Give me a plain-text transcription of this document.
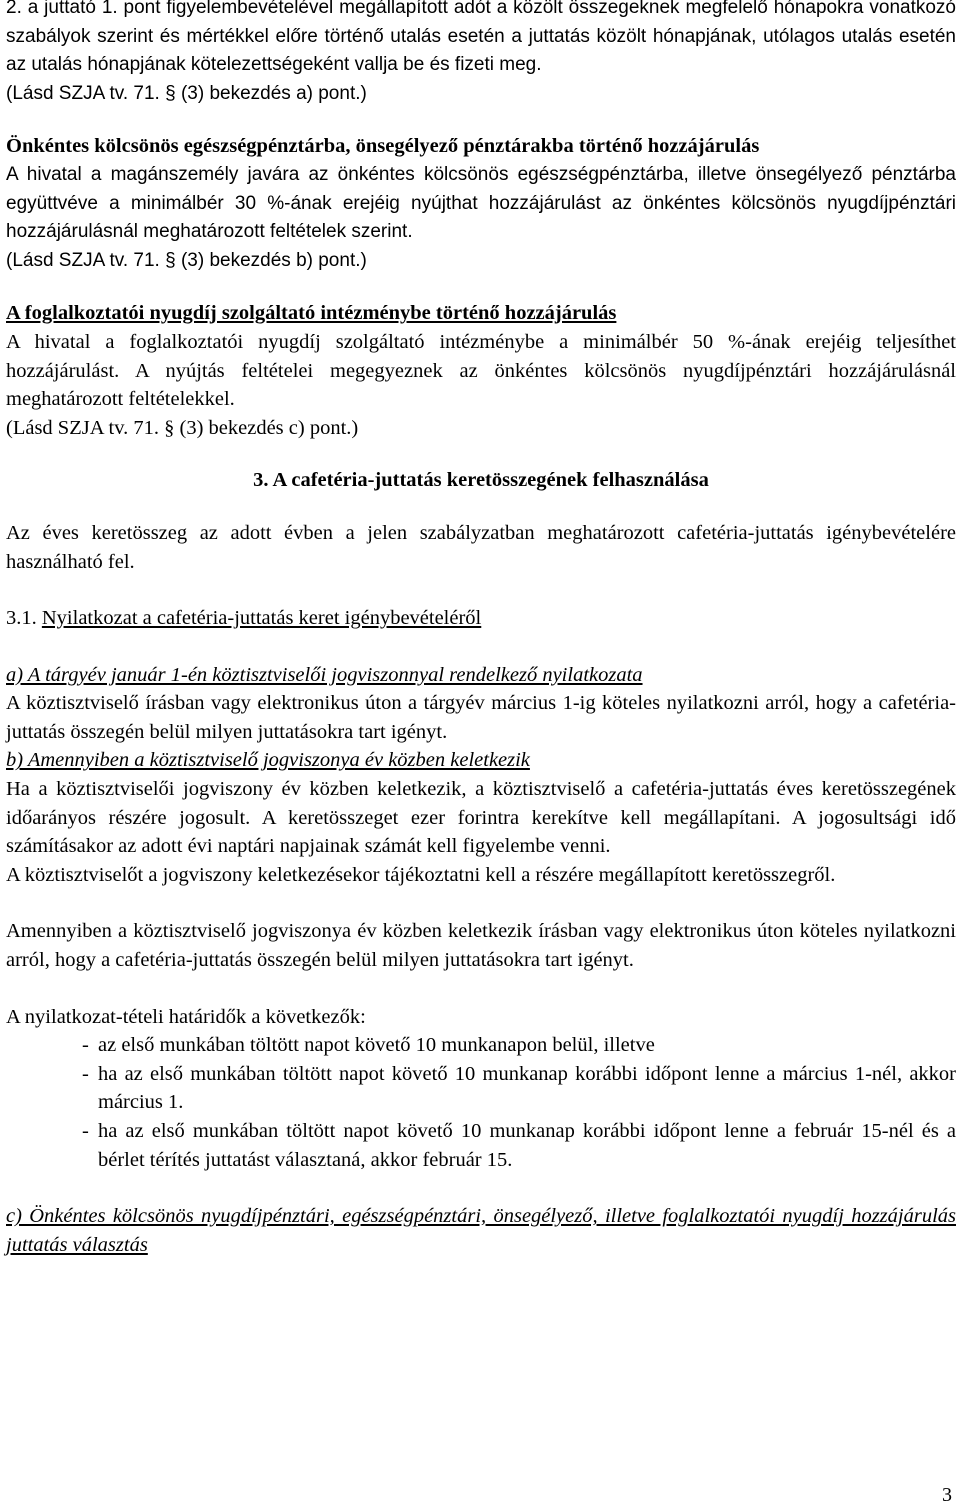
2. a juttató 1. pont figyelembevételével megállapított adót a közölt összegeknek megfelelő hónapokra vonatkozó szabályok szerint és mértékkel előre történő utalás esetén a juttatás közölt hónapjának, utólagos utalás esetén az utalás hónapjának kötelezettségeként vallja be és fizeti meg.

(Lásd SZJA tv. 71. § (3) bekezdés a) pont.)

Önkéntes kölcsönös egészségpénztárba, önsegélyező pénztárakba történő hozzájárulás

A hivatal a magánszemély javára az önkéntes kölcsönös egészségpénztárba, illetve önsegélyező pénztárba együttvéve a minimálbér 30 %-ának erejéig nyújthat hozzájárulást az önkéntes kölcsönös nyugdíjpénztári hozzájárulásnál meghatározott feltételek szerint.

(Lásd SZJA tv. 71. § (3) bekezdés b) pont.)

A foglalkoztatói nyugdíj szolgáltató intézménybe történő hozzájárulás

A hivatal a foglalkoztatói nyugdíj szolgáltató intézménybe a minimálbér 50 %-ának erejéig teljesíthet hozzájárulást. A nyújtás feltételei megegyeznek az önkéntes kölcsönös nyugdíjpénztári hozzájárulásnál meghatározott feltételekkel.

(Lásd SZJA tv. 71. § (3) bekezdés c) pont.)

3. A cafetéria-juttatás keretösszegének felhasználása

Az éves keretösszeg az adott évben a jelen szabályzatban meghatározott cafetéria-juttatás igénybevételére használható fel.

3.1. Nyilatkozat a cafetéria-juttatás keret igénybevételéről

a) A tárgyév január 1-én köztisztviselői jogviszonnyal rendelkező nyilatkozata

A köztisztviselő írásban vagy elektronikus úton a tárgyév március 1-ig köteles nyilatkozni arról, hogy a cafetéria-juttatás összegén belül milyen juttatásokra tart igényt.

b) Amennyiben a köztisztviselő jogviszonya év közben keletkezik

Ha a köztisztviselői jogviszony év közben keletkezik, a köztisztviselő a cafetéria-juttatás éves keretösszegének időarányos részére jogosult. A keretösszeget ezer forintra kerekítve kell megállapítani. A jogosultsági idő számításakor az adott évi naptári napjainak számát kell figyelembe venni.

A köztisztviselőt a jogviszony keletkezésekor tájékoztatni kell a részére megállapított keretösszegről.

Amennyiben a köztisztviselő jogviszonya év közben keletkezik írásban vagy elektronikus úton köteles nyilatkozni arról, hogy a cafetéria-juttatás összegén belül milyen juttatásokra tart igényt.

A nyilatkozat-tételi határidők a következők:

- az első munkában töltött napot követő 10 munkanapon belül, illetve
- ha az első munkában töltött napot követő 10 munkanap korábbi időpont lenne a március 1-nél, akkor március 1.
- ha az első munkában töltött napot követő 10 munkanap korábbi időpont lenne a február 15-nél és a bérlet térítés juttatást választaná, akkor február 15.

c) Önkéntes kölcsönös nyugdíjpénztári, egészségpénztári, önsegélyező, illetve foglalkoztatói nyugdíj hozzájárulás juttatás választás

3
